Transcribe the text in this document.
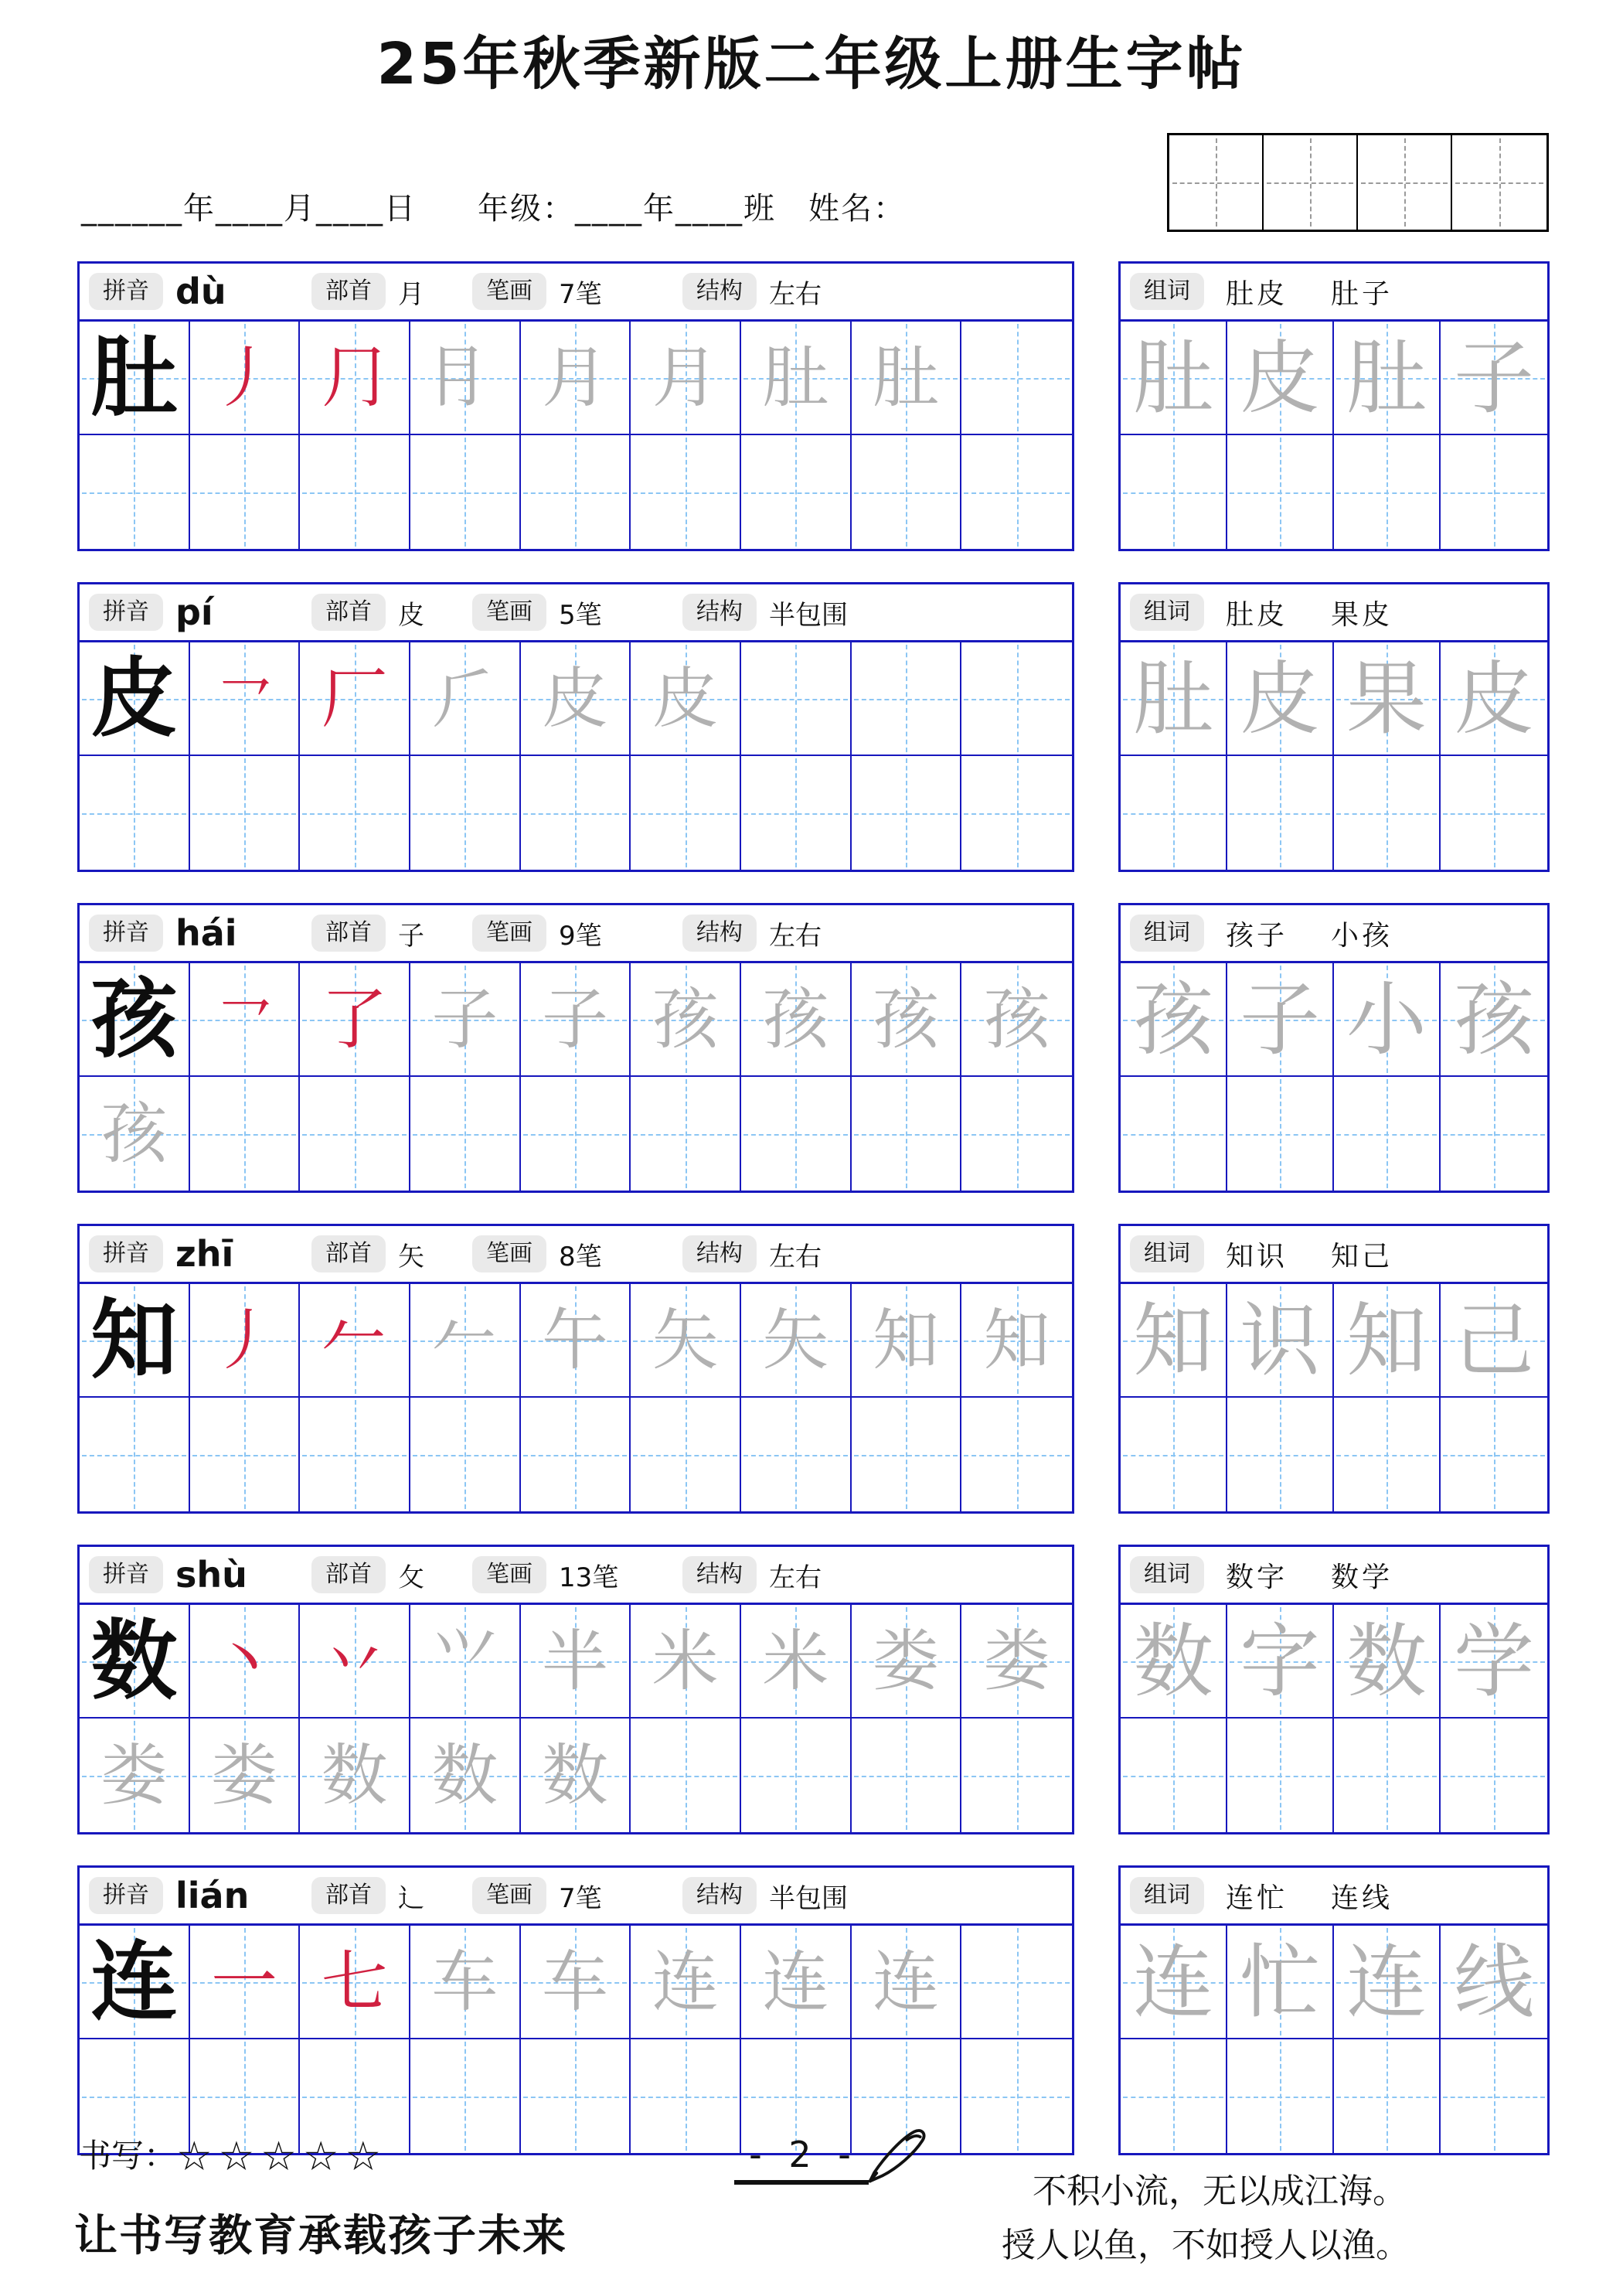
25年秋季新版二年级上册生字帖
______年____月____日 年级：____年____班　姓名：
拼音 dù	部首	月	笔画	7笔	结构	左右
肚 丿 ⺆ ⺝ 月 月 肚 肚
组词	肚皮 肚子
肚 皮 肚 子
拼音 pí	部首	皮	笔画	5笔	结构	半包围
皮 ㇖ 厂 ⺁ 皮 皮
组词	肚皮 果皮
肚 皮 果 皮
拼音 hái	部首	子	笔画	9笔	结构	左右
孩 ㇖ 了 子 子 孩 孩 孩 孩
孩
组词	孩子 小孩
孩 子 小 孩
拼音 zhī	部首	矢	笔画	8笔	结构	左右
知 丿 𠂉 𠂉 午 矢 矢 知 知
组词	知识 知己
知 识 知 己
拼音 shù	部首	攵	笔画	13笔	结构	左右
数 丶 丷 ⺍ 半 米 米 娄 娄
娄 娄 数 数 数
组词	数字 数学
数 字 数 学
拼音 lián	部首	辶	笔画	7笔	结构	半包围
连 一 七 车 车 连 连 连
组词	连忙 连线
连 忙 连 线
书写：☆☆☆☆☆
让书写教育承载孩子未来
- 2 -
不积小流，无以成江海。
授人以鱼，不如授人以渔。
